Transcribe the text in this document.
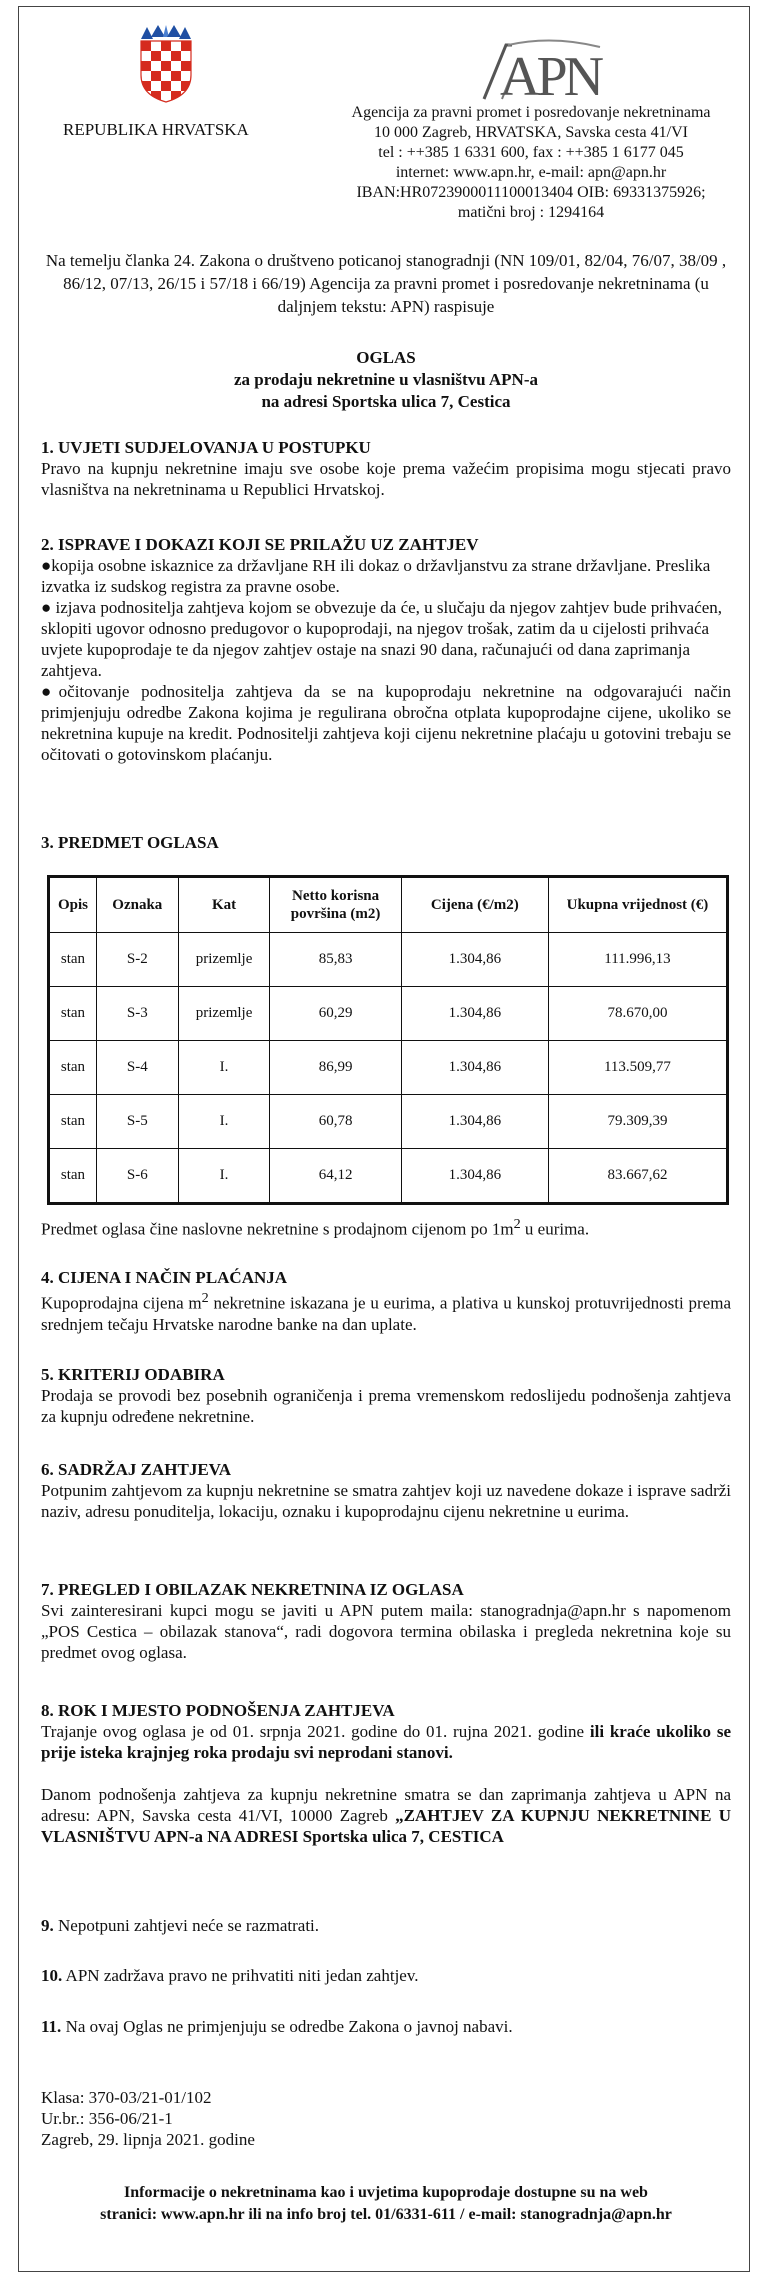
REPUBLIKA HRVATSKA
APN
Agencija za pravni promet i posredovanje nekretninama
10 000 Zagreb, HRVATSKA, Savska cesta 41/VI
tel : ++385 1 6331 600, fax : ++385 1 6177 045
internet: www.apn.hr, e-mail: apn@apn.hr
IBAN:HR0723900011100013404 OIB: 69331375926;
matični broj : 1294164
Na temelju članka 24. Zakona o društveno poticanoj stanogradnji (NN 109/01, 82/04, 76/07, 38/09 , 86/12, 07/13, 26/15 i 57/18 i 66/19) Agencija za pravni promet i posredovanje nekretninama (u daljnjem tekstu: APN) raspisuje
OGLAS
za prodaju nekretnine u vlasništvu APN-a
na adresi Sportska ulica 7, Cestica
1. UVJETI SUDJELOVANJA U POSTUPKU

Pravo na kupnju nekretnine imaju sve osobe koje prema važećim propisima mogu stjecati pravo vlasništva na nekretninama u Republici Hrvatskoj.

2. ISPRAVE I DOKAZI KOJI SE PRILAŽU UZ ZAHTJEV

●kopija osobne iskaznice za državljane RH ili dokaz o državljanstvu za strane državljane. Preslika izvatka iz sudskog registra za pravne osobe.

● izjava podnositelja zahtjeva kojom se obvezuje da će, u slučaju da njegov zahtjev bude prihvaćen, sklopiti ugovor odnosno predugovor o kupoprodaji, na njegov trošak, zatim da u cijelosti prihvaća uvjete kupoprodaje te da njegov zahtjev ostaje na snazi 90 dana, računajući od dana zaprimanja zahtjeva.

●očitovanje podnositelja zahtjeva da se na kupoprodaju nekretnine na odgovarajući način primjenjuju odredbe Zakona kojima je regulirana obročna otplata kupoprodajne cijene, ukoliko se nekretnina kupuje na kredit. Podnositelji zahtjeva koji cijenu nekretnine plaćaju u gotovini trebaju se očitovati o gotovinskom plaćanju.

3. PREDMET OGLASA
Opis	Oznaka	Kat	Netto korisna površina (m2)	Cijena (€/m2)	Ukupna vrijednost (€)
stan	S-2	prizemlje	85,83	1.304,86	111.996,13
stan	S-3	prizemlje	60,29	1.304,86	78.670,00
stan	S-4	I.	86,99	1.304,86	113.509,77
stan	S-5	I.	60,78	1.304,86	79.309,39
stan	S-6	I.	64,12	1.304,86	83.667,62

Predmet oglasa čine naslovne nekretnine s prodajnom cijenom po $1m^2$ u eurima.

4. CIJENA I NAČIN PLAĆANJA

Kupoprodajna cijena $m^2$ nekretnine iskazana je u eurima, a plativa u kunskoj protuvrijednosti prema srednjem tečaju Hrvatske narodne banke na dan uplate.

5. KRITERIJ ODABIRA

Prodaja se provodi bez posebnih ograničenja i prema vremenskom redoslijedu podnošenja zahtjeva za kupnju određene nekretnine.

6. SADRŽAJ ZAHTJEVA

Potpunim zahtjevom za kupnju nekretnine se smatra zahtjev koji uz navedene dokaze i isprave sadrži naziv, adresu ponuditelja, lokaciju, oznaku i kupoprodajnu cijenu nekretnine u eurima.

7. PREGLED I OBILAZAK NEKRETNINA IZ OGLASA

Svi zainteresirani kupci mogu se javiti u APN putem maila: stanogradnja@apn.hr s napomenom „POS Cestica – obilazak stanova“, radi dogovora termina obilaska i pregleda nekretnina koje su predmet ovog oglasa.

8. ROK I MJESTO PODNOŠENJA ZAHTJEVA

Trajanje ovog oglasa je od 01. srpnja 2021. godine do 01. rujna 2021. godine ili kraće ukoliko se prije isteka krajnjeg roka prodaju svi neprodani stanovi.

Danom podnošenja zahtjeva za kupnju nekretnine smatra se dan zaprimanja zahtjeva u APN na adresu: APN, Savska cesta 41/VI, 10000 Zagreb „ZAHTJEV ZA KUPNJU NEKRETNINE U VLASNIŠTVU APN-a NA ADRESI Sportska ulica 7, CESTICA

9. Nepotpuni zahtjevi neće se razmatrati.

10. APN zadržava pravo ne prihvatiti niti jedan zahtjev.

11. Na ovaj Oglas ne primjenjuju se odredbe Zakona o javnoj nabavi.

Klasa: 370-03/21-01/102
Ur.br.: 356-06/21-1
Zagreb, 29. lipnja 2021. godine
Informacije o nekretninama kao i uvjetima kupoprodaje dostupne su na web
stranici: www.apn.hr ili na info broj tel. 01/6331-611 / e-mail: stanogradnja@apn.hr
